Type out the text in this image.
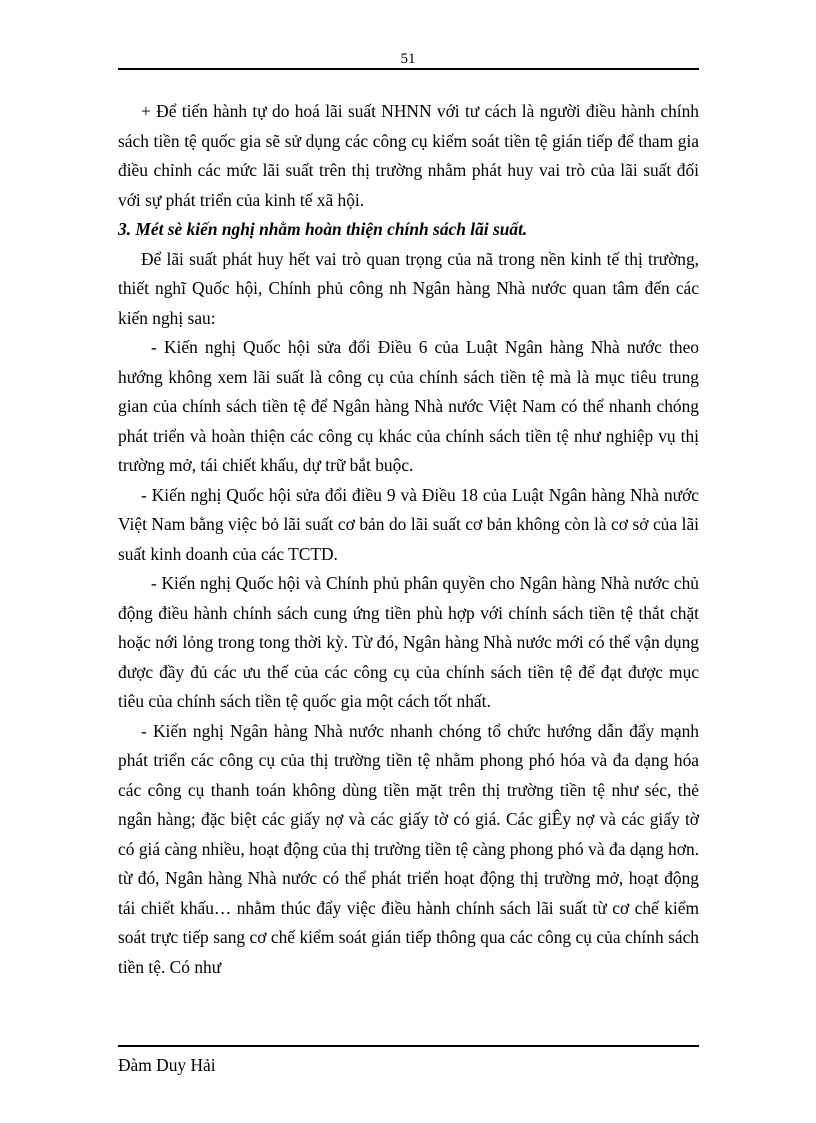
51

+ Để tiến hành tự do hoá lãi suất NHNN với tư cách là người điều hành chính sách tiền tệ quốc gia sẽ sử dụng các công cụ kiểm soát tiền tệ gián tiếp để tham gia điều chỉnh các mức lãi suất trên thị trường nhằm phát huy vai trò của lãi suất đối với sự phát triển của kinh tế xã hội.

3. Mét sè kiến nghị nhằm hoàn thiện chính sách lãi suất.

Để lãi suất phát huy hết vai trò quan trọng của nã trong nền kinh tế thị trường, thiết nghĩ Quốc hội, Chính phủ công nh Ngân hàng Nhà nước quan tâm đến các kiến nghị sau:

- Kiến nghị Quốc hội sửa đổi Điều 6 của Luật Ngân hàng Nhà nước theo hướng không xem lãi suất là công cụ của chính sách tiền tệ mà là mục tiêu trung gian của chính sách tiền tệ để Ngân hàng Nhà nước Việt Nam có thể nhanh chóng phát triển và hoàn thiện các công cụ khác của chính sách tiền tệ như nghiệp vụ thị trường mở, tái chiết khấu, dự trữ bắt buộc.

- Kiến nghị Quốc hội sửa đổi điều 9 và Điều 18 của Luật Ngân hàng Nhà nước Việt Nam bằng việc bỏ lãi suất cơ bản do lãi suất cơ bản không còn là cơ sở của lãi suất kinh doanh của các TCTD.

- Kiến nghị Quốc hội và Chính phủ phân quyền cho Ngân hàng Nhà nước chủ động điều hành chính sách cung ứng tiền phù hợp với chính sách tiền tệ thắt chặt hoặc nới lỏng trong tong thời kỳ. Từ đó, Ngân hàng Nhà nước mới có thể vận dụng được đầy đủ các ưu thế của các công cụ của chính sách tiền tệ để đạt được mục tiêu của chính sách tiền tệ quốc gia một cách tốt nhất.

- Kiến nghị Ngân hàng Nhà nước nhanh chóng tổ chức hướng dẫn đẩy mạnh phát triển các công cụ của thị trường tiền tệ nhằm phong phó hóa và đa dạng hóa các công cụ thanh toán không dùng tiền mặt trên thị trường tiền tệ như séc, thẻ ngân hàng; đặc biệt các giấy nợ và các giấy tờ có giá. Các giÊy nợ và các giấy tờ có giá càng nhiều, hoạt động của thị trường tiền tệ càng phong phó và đa dạng hơn. từ đó, Ngân hàng Nhà nước có thể phát triển hoạt động thị trường mở, hoạt động tái chiết khấu… nhằm thúc đẩy việc điều hành chính sách lãi suất từ cơ chế kiểm soát trực tiếp sang cơ chế kiểm soát gián tiếp thông qua các công cụ của chính sách tiền tệ. Có như

Đàm Duy Hải
